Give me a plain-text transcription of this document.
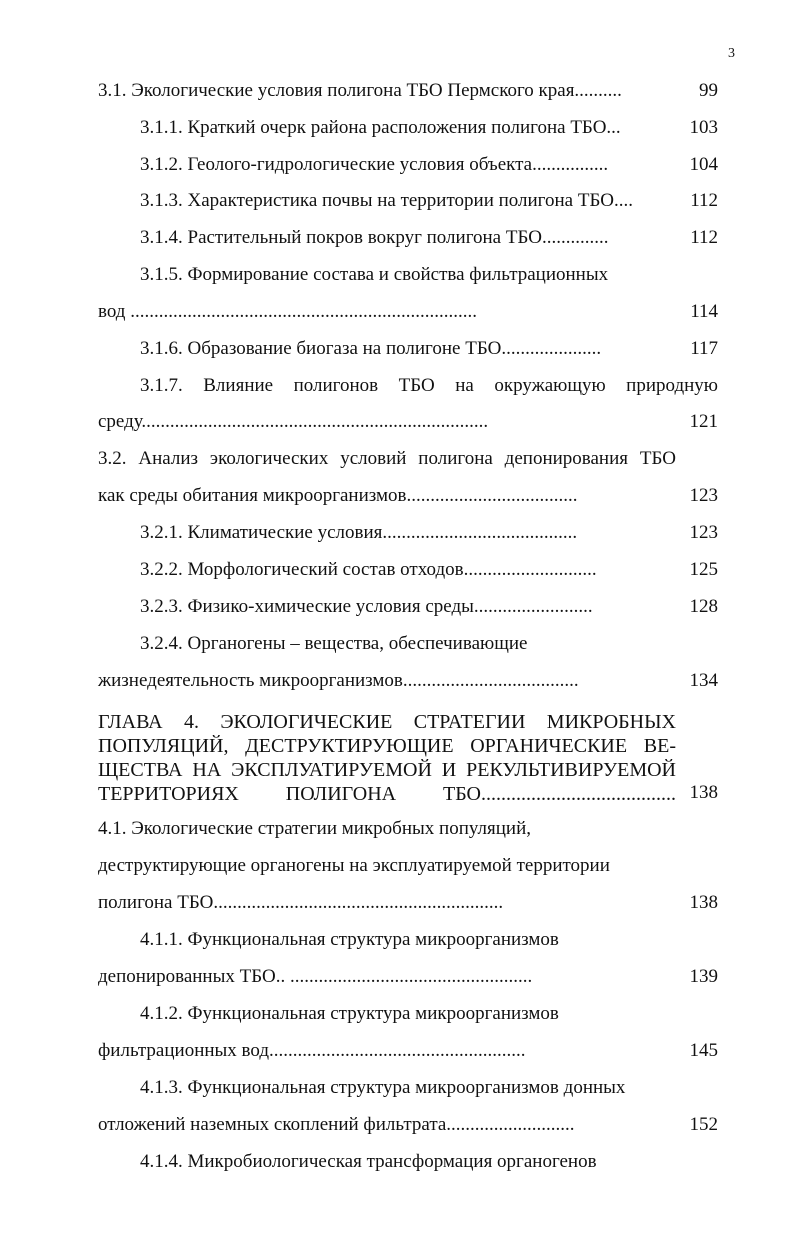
3
3.1. Экологические условия полигона ТБО Пермского края..........	99
3.1.1. Краткий очерк района расположения полигона ТБО...	103
3.1.2. Геолого-гидрологические условия объекта................	104
3.1.3. Характеристика почвы на территории полигона ТБО....	112
3.1.4. Растительный покров вокруг полигона ТБО..............	112
3.1.5. Формирование состава и свойства фильтрационных
вод .........................................................................	114
3.1.6. Образование биогаза на полигоне ТБО.....................	117
3.1.7. Влияние полигонов ТБО на окружающую природную
среду.........................................................................	121
3.2. Анализ экологических условий полигона депонирования ТБО
как среды обитания микроорганизмов....................................	123
3.2.1. Климатические условия.........................................	123
3.2.2. Морфологический состав отходов............................	125
3.2.3. Физико-химические условия среды.........................	128
3.2.4. Органогены – вещества, обеспечивающие
жизнедеятельность микроорганизмов.....................................	134
ГЛАВА 4. ЭКОЛОГИЧЕСКИЕ СТРАТЕГИИ МИКРОБНЫХ ПОПУЛЯЦИЙ, ДЕСТРУКТИРУЮЩИЕ ОРГАНИЧЕСКИЕ ВЕ-ЩЕСТВА НА ЭКСПЛУАТИРУЕМОЙ И РЕКУЛЬТИВИРУЕМОЙ ТЕРРИТОРИЯХ ПОЛИГОНА ТБО....................................... 138
4.1. Экологические стратегии микробных популяций,
деструктирующие органогены на эксплуатируемой территории
полигона ТБО.............................................................	138
4.1.1. Функциональная структура микроорганизмов
депонированных ТБО.. ...................................................	139
4.1.2. Функциональная структура микроорганизмов
фильтрационных вод......................................................	145
4.1.3. Функциональная структура микроорганизмов донных
отложений наземных скоплений фильтрата...........................	152
4.1.4. Микробиологическая трансформация органогенов
